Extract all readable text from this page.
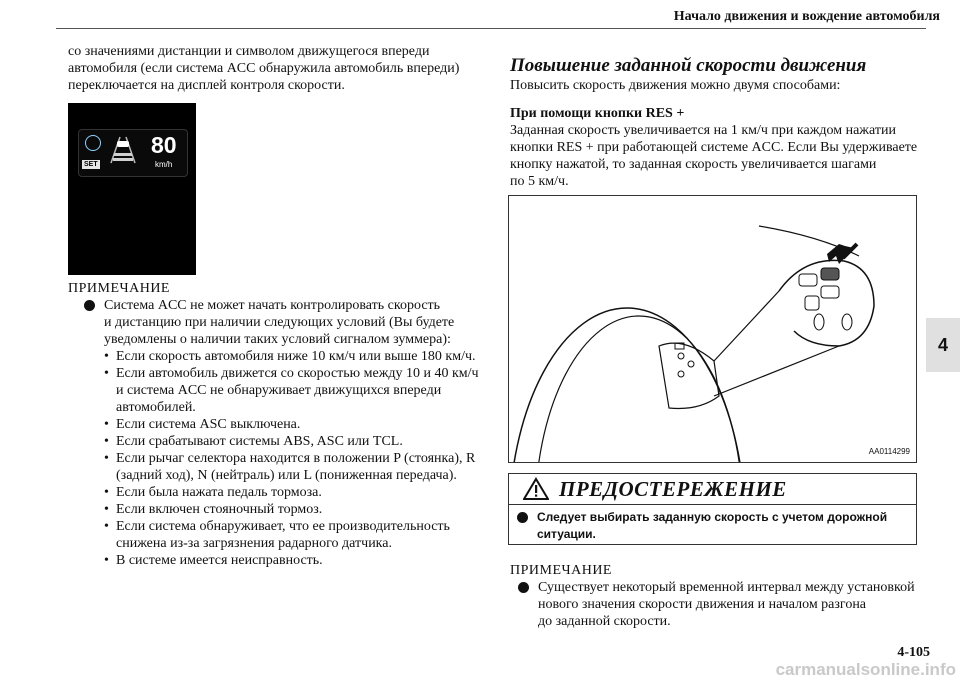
Начало движения и вождение автомобиля
4

со значениями дистанции и символом движущегося впереди

автомобиля (если система ACC обнаружила автомобиль впереди)

переключается на дисплей контроля скорости.

SET
80
km/h
ПРИМЕЧАНИЕ
Система ACC не может начать контролировать скорость
и дистанцию при наличии следующих условий (Вы будете
уведомлены о наличии таких условий сигналом зуммера):
• Если скорость автомобиля ниже 10 км/ч или выше 180 км/ч.
• Если автомобиль движется со скоростью между 10 и 40 км/ч
и система ACC не обнаруживает движущихся впереди
автомобилей.
• Если система ASC выключена.
• Если срабатывают системы ABS, ASC или TCL.
• Если рычаг селектора находится в положении P (стоянка), R
(задний ход), N (нейтраль) или L (пониженная передача).
• Если была нажата педаль тормоза.
• Если включен стояночный тормоз.
• Если система обнаруживает, что ее производительность
снижена из-за загрязнения радарного датчика.
• В системе имеется неисправность.
Повышение заданной скорости движения

Повысить скорость движения можно двумя способами:

При помощи кнопки RES +

Заданная скорость увеличивается на 1 км/ч при каждом нажатии

кнопки RES + при работающей системе ACC. Если Вы удерживаете

кнопку нажатой, то заданная скорость увеличивается шагами

по 5 км/ч.

AA0114299
ПРЕДОСТЕРЕЖЕНИЕ
Следует выбирать заданную скорость с учетом дорожной
ситуации.
ПРИМЕЧАНИЕ
Существует некоторый временной интервал между установкой
нового значения скорости движения и началом разгона
до заданной скорости.
4-105
carmanualsonline.info
